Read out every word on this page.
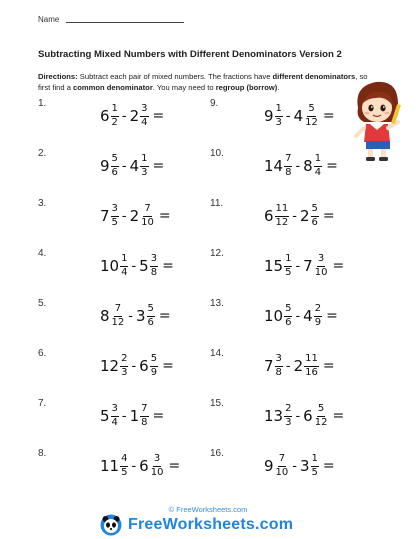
Name
Subtracting Mixed Numbers with Different Denominators Version 2
Directions: Subtract each pair of mixed numbers. The fractions have different denominators, so first find a common denominator. You may need to regroup (borrow).
1.
$6 \frac{1}{2} - 2 \frac{3}{4}$ =
2.
$9 \frac{5}{6} - 4 \frac{1}{3}$ =
3.
$7 \frac{3}{5} - 2 \frac{7}{10}$ =
4.
$10 \frac{1}{4} - 5 \frac{3}{8}$ =
5.
$8 \frac{7}{12} - 3 \frac{5}{6}$ =
6.
$12 \frac{2}{3} - 6 \frac{5}{9}$ =
7.
$5 \frac{3}{4} - 1 \frac{7}{8}$ =
8.
$11 \frac{4}{5} - 6 \frac{3}{10}$ =
9.
$9 \frac{1}{3} - 4 \frac{5}{12}$ =
10.
$14 \frac{7}{8} - 8 \frac{1}{4}$ =
11.
$6 \frac{11}{12} - 2 \frac{5}{6}$ =
12.
$15 \frac{1}{5} - 7 \frac{3}{10}$ =
13.
$10 \frac{5}{6} - 4 \frac{2}{9}$ =
14.
$7 \frac{3}{8} - 2 \frac{11}{16}$ =
15.
$13 \frac{2}{3} - 6 \frac{5}{12}$ =
16.
$9 \frac{7}{10} - 3 \frac{1}{5}$ =
© FreeWorksheets.com
FreeWorksheets.com
